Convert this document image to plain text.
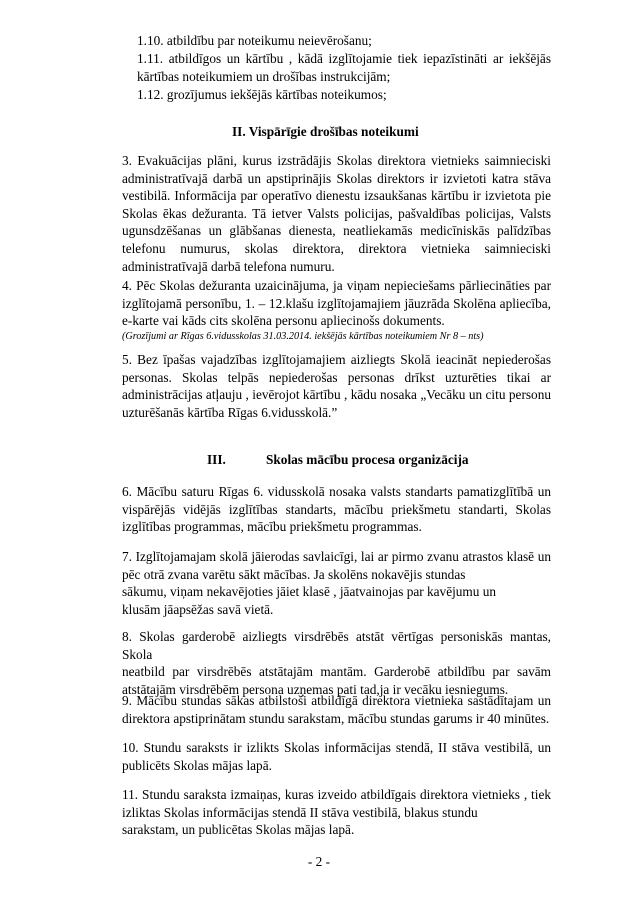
1.10. atbildību par noteikumu neievērošanu;

1.11. atbildīgos un kārtību , kādā izglītojamie tiek iepazīstināti ar iekšējās

kārtības noteikumiem un drošības instrukcijām;

1.12. grozījumus iekšējās kārtības noteikumos;

II. Vispārīgie drošības noteikumi

3. Evakuācijas plāni, kurus izstrādājis Skolas direktora vietnieks saimnieciski

administratīvajā darbā un apstiprinājis Skolas direktors ir izvietoti katra stāva

vestibilā. Informācija par operatīvo dienestu izsaukšanas kārtību ir izvietota pie

Skolas ēkas dežuranta. Tā ietver Valsts policijas, pašvaldības policijas, Valsts

ugunsdzēšanas un glābšanas dienesta, neatliekamās medicīniskās palīdzības

telefonu numurus, skolas direktora, direktora vietnieka saimnieciski

administratīvajā darbā telefona numuru.

4. Pēc Skolas dežuranta uzaicinājuma, ja viņam nepieciešams pārliecināties par

izglītojamā personību, 1. – 12.klašu izglītojamajiem jāuzrāda Skolēna apliecība,

e-karte vai kāds cits skolēna personu apliecinošs dokuments.

(Grozījumi ar Rīgas 6.vidusskolas 31.03.2014. iekšējās kārtības noteikumiem Nr 8 – nts)

5. Bez īpašas vajadzības izglītojamajiem aizliegts Skolā ieacināt nepiederošas

personas. Skolas telpās nepiederošas personas drīkst uzturēties tikai ar

administrācijas atļauju , ievērojot kārtību , kādu nosaka „Vecāku un citu personu

uzturēšanās kārtība Rīgas 6.vidusskolā.”

III.	Skolas mācību procesa organizācija

6. Mācību saturu Rīgas 6. vidusskolā nosaka valsts standarts pamatizglītībā un

vispārējās vidējās izglītības standarts, mācību priekšmetu standarti, Skolas

izglītības programmas, mācību priekšmetu programmas.

7. Izglītojamajam skolā jāierodas savlaicīgi, lai ar pirmo zvanu atrastos klasē un

pēc otrā zvana varētu sākt mācības. Ja skolēns nokavējis stundas

sākumu, viņam nekavējoties jāiet klasē , jāatvainojas par kavējumu un

klusām jāapsēžas savā vietā.

8. Skolas garderobē aizliegts virsdrēbēs atstāt vērtīgas personiskās mantas, Skola

neatbild par virsdrēbēs atstātajām mantām. Garderobē atbildību par savām

atstātajām virsdrēbēm persona uzņemas pati tad,ja ir vecāku iesniegums.

9. Mācību stundas sākas atbilstoši atbildīgā direktora vietnieka sastādītajam un

direktora apstiprinātam stundu sarakstam, mācību stundas garums ir 40 minūtes.

10. Stundu saraksts ir izlikts Skolas informācijas stendā, II stāva vestibilā, un

publicēts Skolas mājas lapā.

11. Stundu saraksta izmaiņas, kuras izveido atbildīgais direktora vietnieks , tiek

izliktas Skolas informācijas stendā II stāva vestibilā, blakus stundu

sarakstam, un publicētas Skolas mājas lapā.

- 2 -
